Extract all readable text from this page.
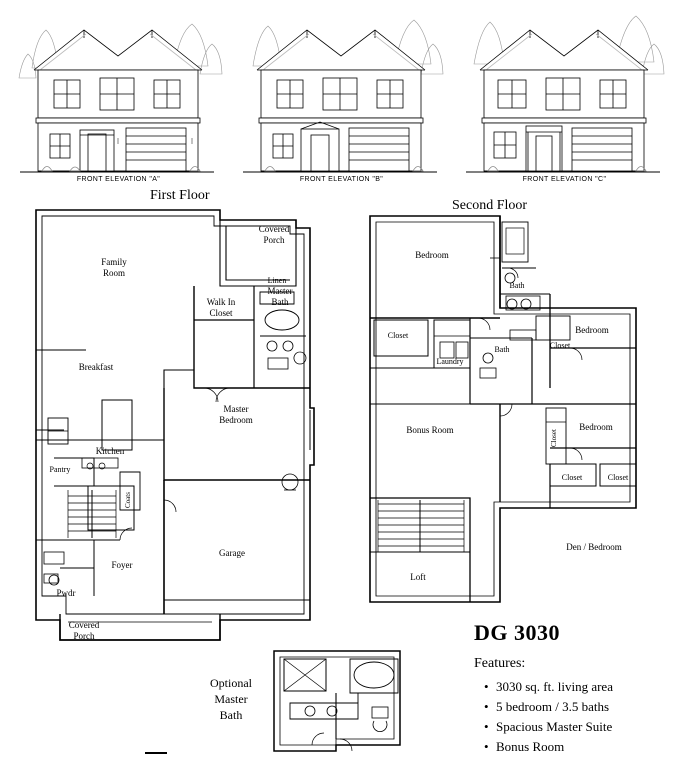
FRONT ELEVATION "A"	FRONT ELEVATION "B"	FRONT ELEVATION "C"
First Floor
Second Floor
Covered
Porch
Family
Room
Linen
Walk In
Closet
Master
Bath
Breakfast
Master
Bedroom
Kitchen
Pantry
Coats
Garage
Foyer
Pwdr
Covered
Porch
Bedroom
Bath
Closet
Bedroom
Closet
Laundry
Bath
Bonus Room	Bedroom
Closet
Closet	Closet
Den / Bedroom
Loft
Optional
Master
Bath
DG 3030
Features:
• 3030 sq. ft. living area
• 5 bedroom / 3.5 baths
• Spacious Master Suite
• Bonus Room
